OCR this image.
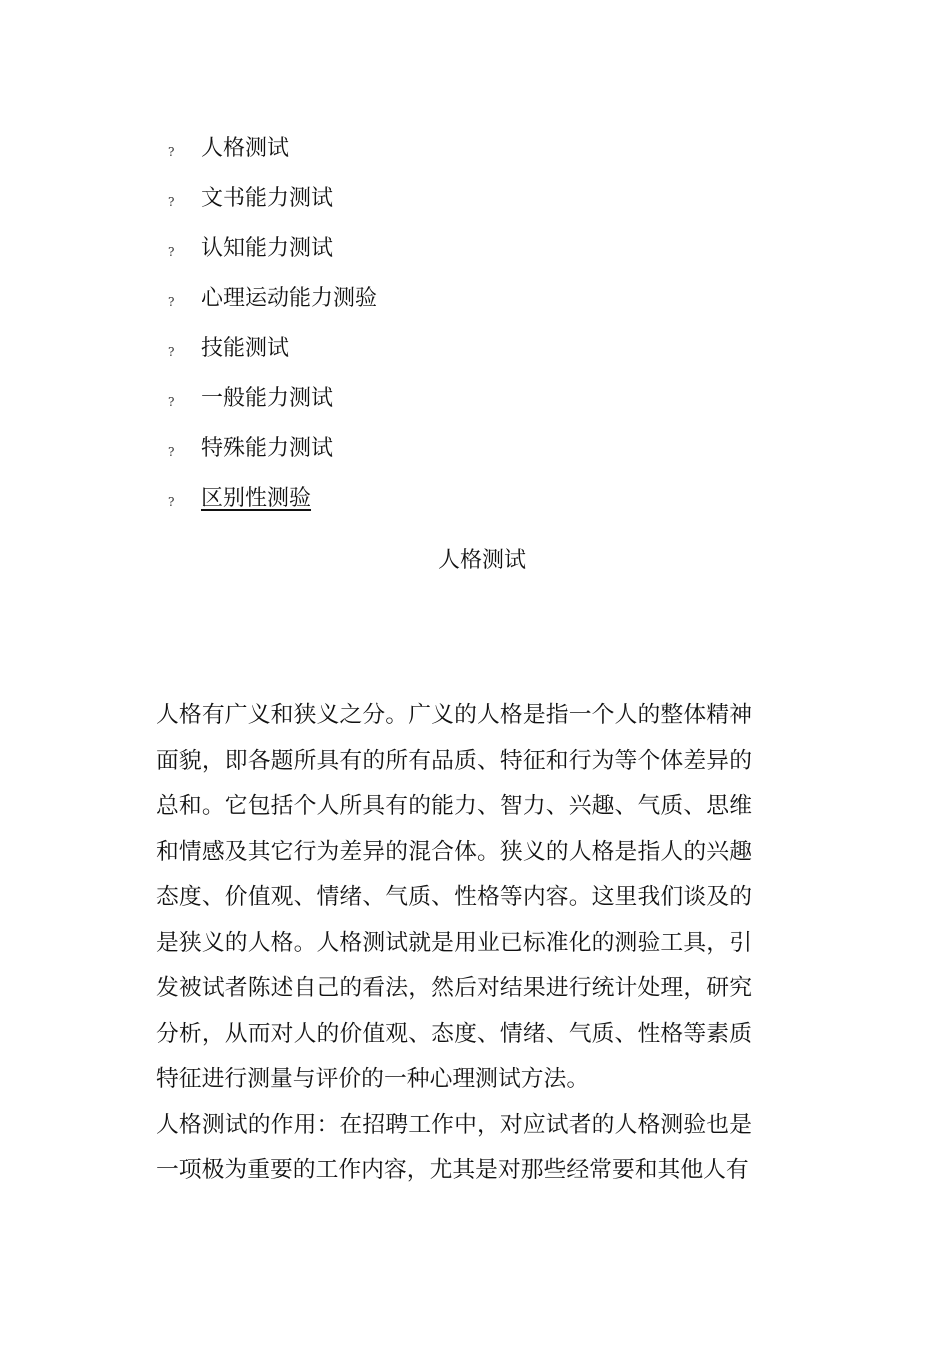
?	人格测试
?	文书能力测试
?	认知能力测试
?	心理运动能力测验
?	技能测试
?	一般能力测试
?	特殊能力测试
?	区别性测验
人格测试

人格有广义和狭义之分。广义的人格是指一个人的整体精神面貌，即各题所具有的所有品质、特征和行为等个体差异的总和。它包括个人所具有的能力、智力、兴趣、气质、思维和情感及其它行为差异的混合体。狭义的人格是指人的兴趣态度、价值观、情绪、气质、性格等内容。这里我们谈及的是狭义的人格。人格测试就是用业已标准化的测验工具，引发被试者陈述自己的看法，然后对结果进行统计处理，研究分析，从而对人的价值观、态度、情绪、气质、性格等素质特征进行测量与评价的一种心理测试方法。

人格测试的作用：在招聘工作中，对应试者的人格测验也是一项极为重要的工作内容，尤其是对那些经常要和其他人有
